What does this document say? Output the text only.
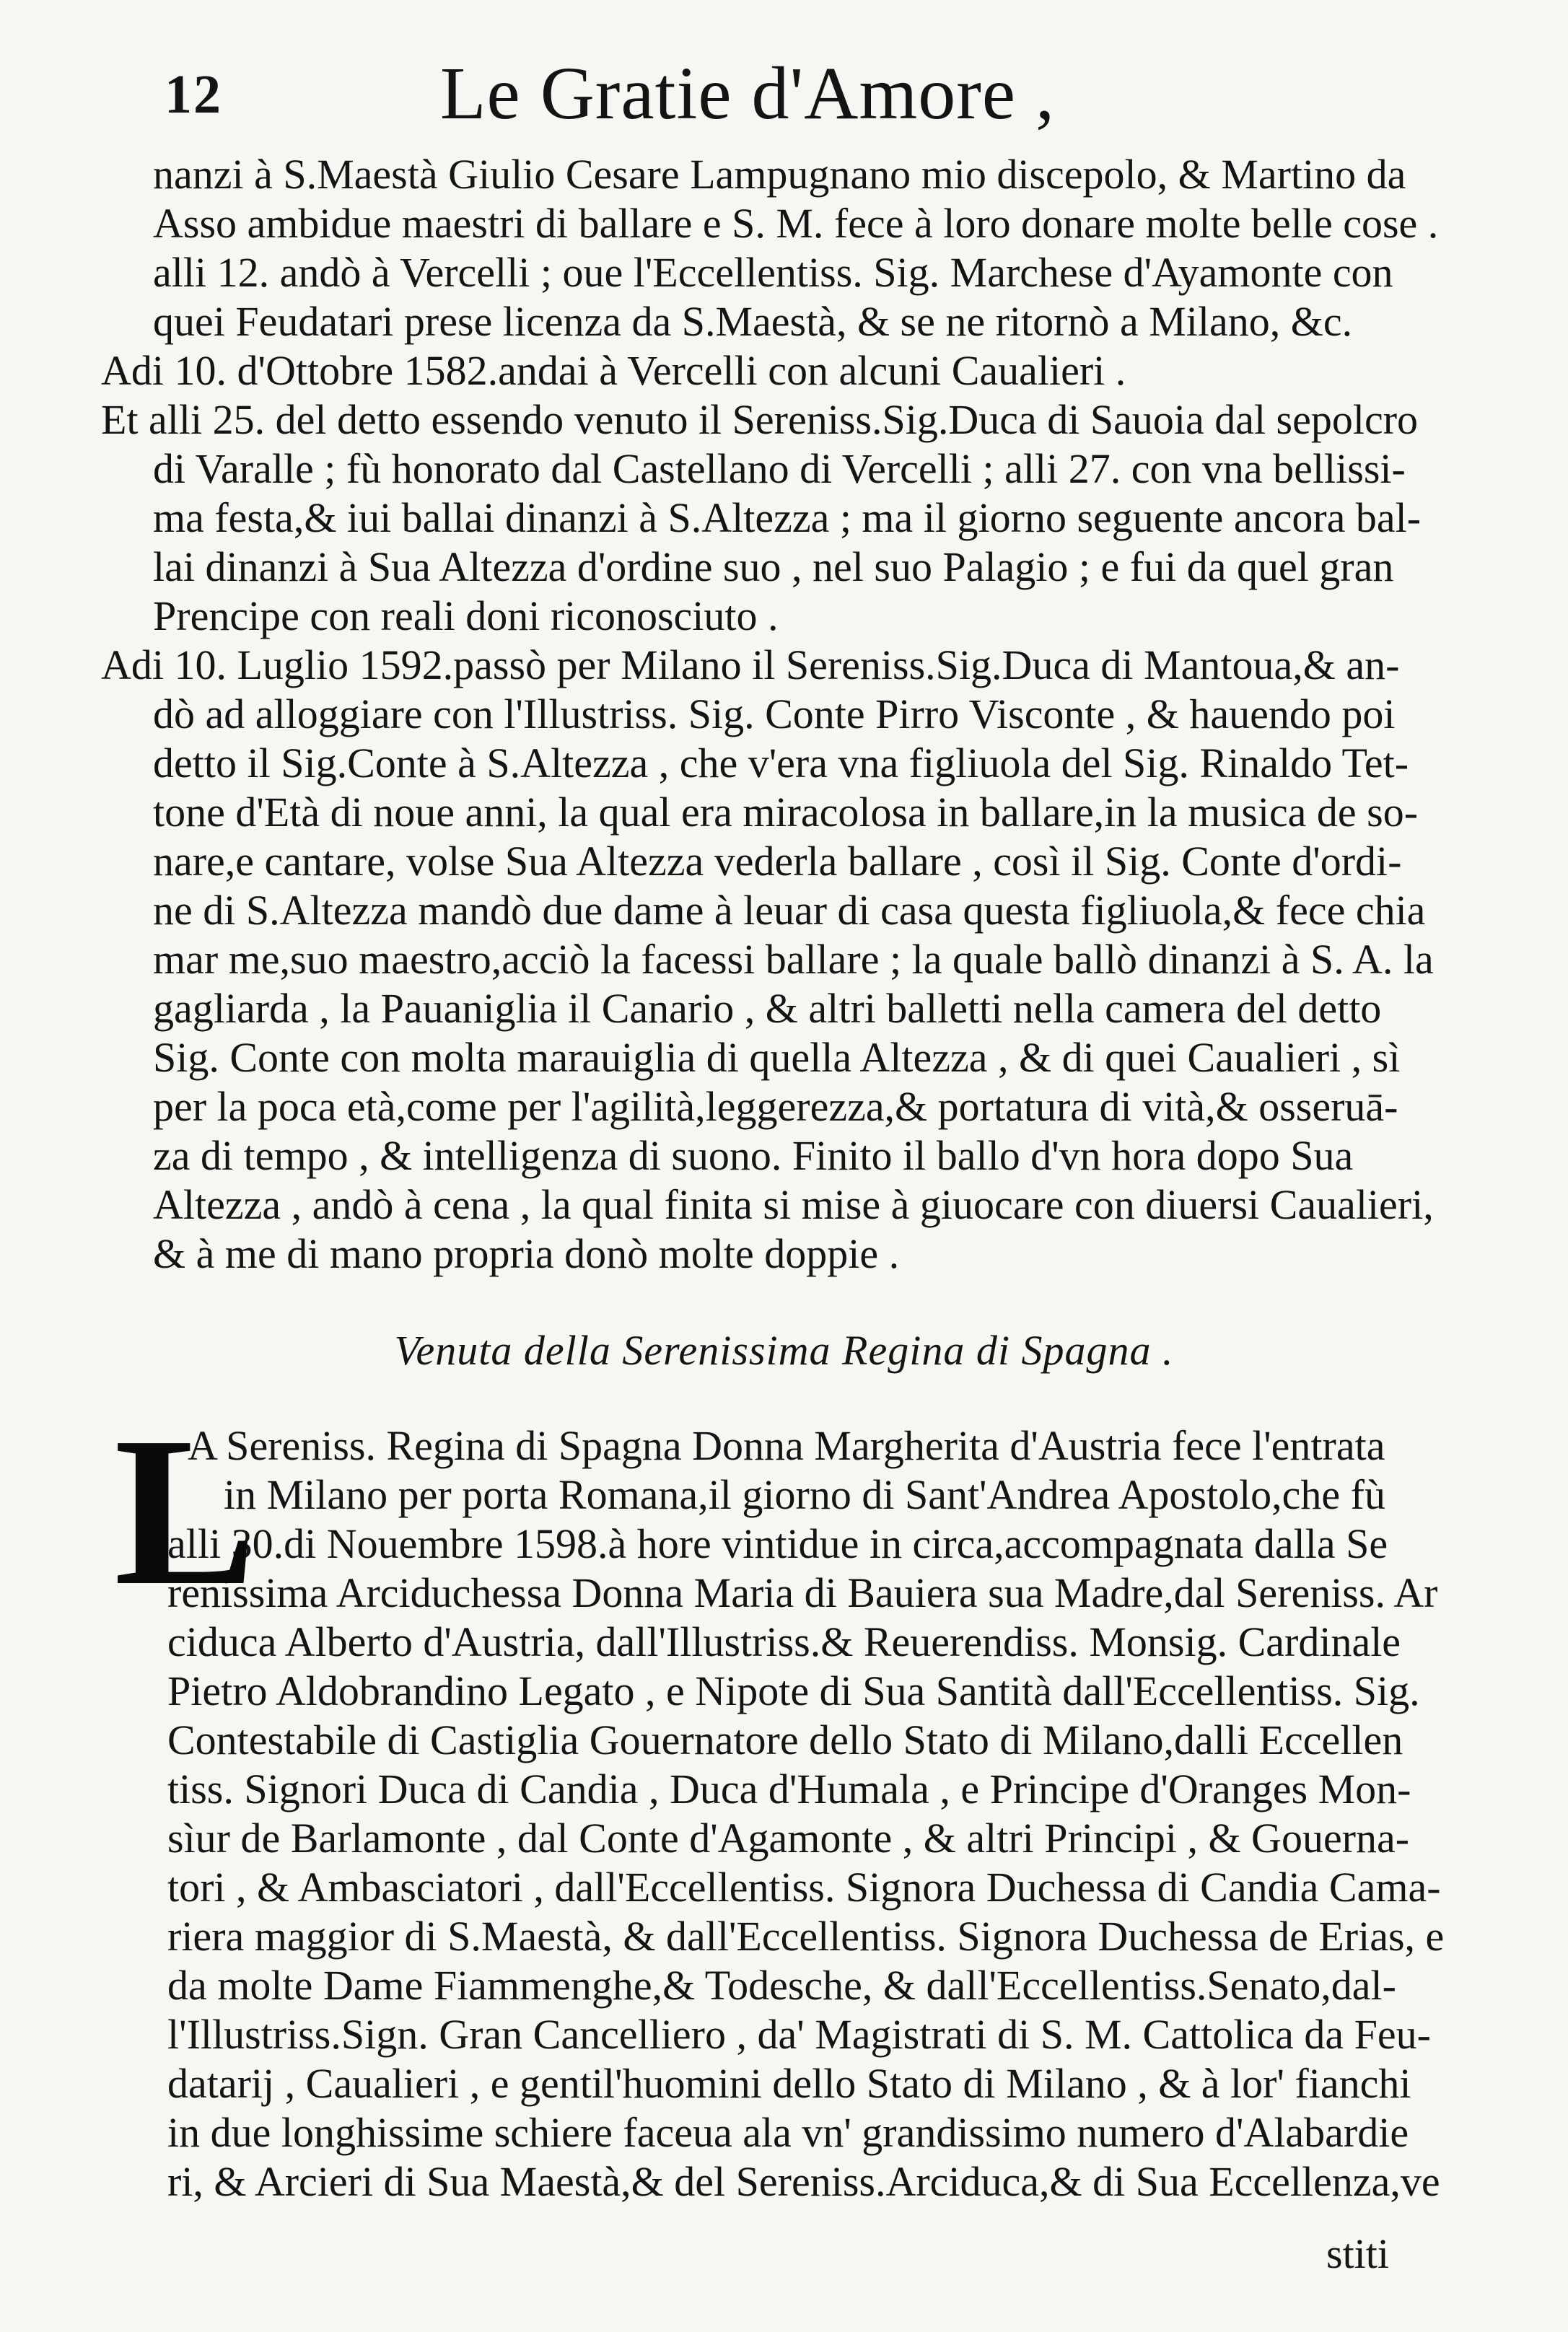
12	Le Gratie d'Amore ,
nanzi à S.Maestà Giulio Cesare Lampugnano mio discepolo, & Martino da
Asso ambidue maestri di ballare e S. M. fece à loro donare molte belle cose .
alli 12. andò à Vercelli ; oue l'Eccellentiss. Sig. Marchese d'Ayamonte con
quei Feudatari prese licenza da S.Maestà, & se ne ritornò a Milano, &c.
Adi 10. d'Ottobre 1582.andai à Vercelli con alcuni Caualieri .
Et alli 25. del detto essendo venuto il Sereniss.Sig.Duca di Sauoia dal sepolcro
di Varalle ; fù honorato dal Castellano di Vercelli ; alli 27. con vna bellissi-
ma festa,& iui ballai dinanzi à S.Altezza ; ma il giorno seguente ancora bal-
lai dinanzi à Sua Altezza d'ordine suo , nel suo Palagio ; e fui da quel gran
Prencipe con reali doni riconosciuto .
Adi 10. Luglio 1592.passò per Milano il Sereniss.Sig.Duca di Mantoua,& an-
dò ad alloggiare con l'Illustriss. Sig. Conte Pirro Visconte , & hauendo poi
detto il Sig.Conte à S.Altezza , che v'era vna figliuola del Sig. Rinaldo Tet-
tone d'Età di noue anni, la qual era miracolosa in ballare,in la musica de so-
nare,e cantare, volse Sua Altezza vederla ballare , così il Sig. Conte d'ordi-
ne di S.Altezza mandò due dame à leuar di casa questa figliuola,& fece chia
mar me,suo maestro,acciò la facessi ballare ; la quale ballò dinanzi à S. A. la
gagliarda , la Pauaniglia il Canario , & altri balletti nella camera del detto
Sig. Conte con molta marauiglia di quella Altezza , & di quei Caualieri , sì
per la poca età,come per l'agilità,leggerezza,& portatura di vità,& osseruā-
za di tempo , & intelligenza di suono. Finito il ballo d'vn hora dopo Sua
Altezza , andò à cena , la qual finita si mise à giuocare con diuersi Caualieri,
& à me di mano propria donò molte doppie .
Venuta della Serenissima Regina di Spagna .
L
A Sereniss. Regina di Spagna Donna Margherita d'Austria fece l'entrata
in Milano per porta Romana,il giorno di Sant'Andrea Apostolo,che fù
alli 30.di Nouembre 1598.à hore vintidue in circa,accompagnata dalla Se
renissima Arciduchessa Donna Maria di Bauiera sua Madre,dal Sereniss. Ar
ciduca Alberto d'Austria, dall'Illustriss.& Reuerendiss. Monsig. Cardinale
Pietro Aldobrandino Legato , e Nipote di Sua Santità dall'Eccellentiss. Sig.
Contestabile di Castiglia Gouernatore dello Stato di Milano,dalli Eccellen
tiss. Signori Duca di Candia , Duca d'Humala , e Principe d'Oranges Mon-
sìur de Barlamonte , dal Conte d'Agamonte , & altri Principi , & Gouerna-
tori , & Ambasciatori , dall'Eccellentiss. Signora Duchessa di Candia Cama-
riera maggior di S.Maestà, & dall'Eccellentiss. Signora Duchessa de Erias, e
da molte Dame Fiammenghe,& Todesche, & dall'Eccellentiss.Senato,dal-
l'Illustriss.Sign. Gran Cancelliero , da' Magistrati di S. M. Cattolica da Feu-
datarij , Caualieri , e gentil'huomini dello Stato di Milano , & à lor' fianchi
in due longhissime schiere faceua ala vn' grandissimo numero d'Alabardie
ri, & Arcieri di Sua Maestà,& del Sereniss.Arciduca,& di Sua Eccellenza,ve
stiti
